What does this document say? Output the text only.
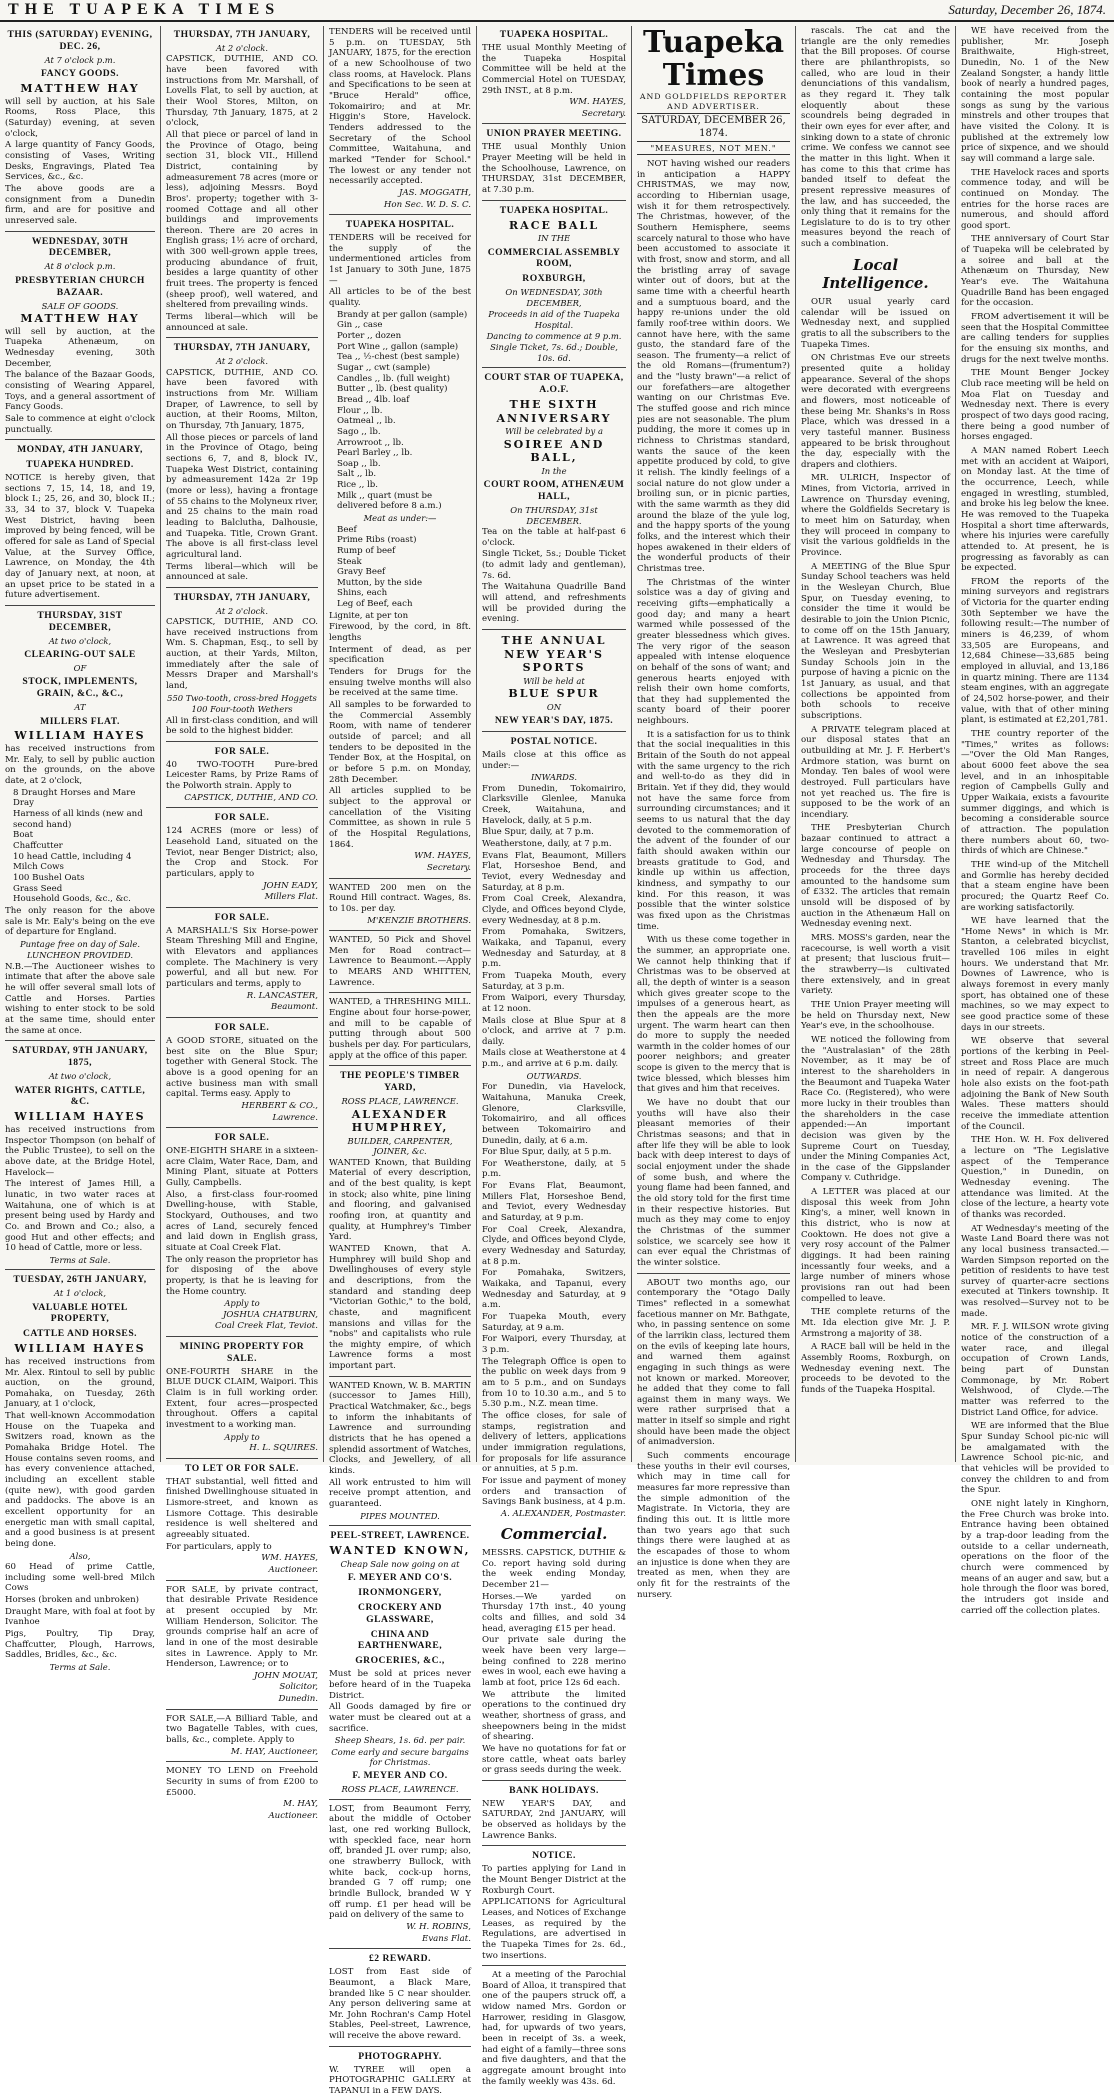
THE TUAPEKA TIMES	Saturday, December 26, 1874.
THIS (SATURDAY) EVENING, DEC. 26,
At 7 o'clock p.m.
FANCY GOODS.
MATTHEW HAY

will sell by auction, at his Sale Rooms, Ross Place, this (Saturday) evening, at seven o'clock,

A large quantity of Fancy Goods, consisting of Vases, Writing Desks, Engravings, Plated Tea Services, &c., &c.

The above goods are a consignment from a Dunedin firm, and are for positive and unreserved sale.

WEDNESDAY, 30TH DECEMBER,
At 8 o'clock p.m.
PRESBYTERIAN CHURCH BAZAAR.
SALE OF GOODS.
MATTHEW HAY

will sell by auction, at the Tuapeka Athenæum, on Wednesday evening, 30th December,

The balance of the Bazaar Goods, consisting of Wearing Apparel, Toys, and a general assortment of Fancy Goods.

Sale to commence at eight o'clock punctually.

MONDAY, 4TH JANUARY,
TUAPEKA HUNDRED.

NOTICE is hereby given, that sections 7, 15, 14, 18, and 19, block I.; 25, 26, and 30, block II.; 33, 34 to 37, block V. Tuapeka West District, having been improved by being fenced, will be offered for sale as Land of Special Value, at the Survey Office, Lawrence, on Monday, the 4th day of January next, at noon, at an upset price to be stated in a future advertisement.

THURSDAY, 31ST DECEMBER,
At two o'clock,
CLEARING-OUT SALE
OF
STOCK, IMPLEMENTS, GRAIN, &C., &C.,
AT
MILLERS FLAT.
WILLIAM HAYES

has received instructions from Mr. Ealy, to sell by public auction on the grounds, on the above date, at 2 o'clock,

8 Draught Horses and Mare
Dray
Harness of all kinds (new and second hand)
Boat
Chaffcutter
10 head Cattle, including 4 Milch Cows
100 Bushel Oats
Grass Seed
Household Goods, &c., &c.

The only reason for the above sale is Mr. Ealy's being on the eve of departure for England.

Puntage free on day of Sale.
LUNCHEON PROVIDED.

N.B.—The Auctioneer wishes to intimate that after the above sale he will offer several small lots of Cattle and Horses. Parties wishing to enter stock to be sold at the same time, should enter the same at once.

SATURDAY, 9TH JANUARY, 1875,
At two o'clock,
WATER RIGHTS, CATTLE, &C.
WILLIAM HAYES

has received instructions from Inspector Thompson (on behalf of the Public Trustee), to sell on the above date, at the Bridge Hotel, Havelock—

The interest of James Hill, a lunatic, in two water races at Waitahuna, one of which is at present being used by Hardy and Co. and Brown and Co.; also, a good Hut and other effects; and 10 head of Cattle, more or less.

Terms at Sale.
TUESDAY, 26TH JANUARY,
At 1 o'clock,
VALUABLE HOTEL PROPERTY,
CATTLE AND HORSES.
WILLIAM HAYES

has received instructions from Mr. Alex. Rintoul to sell by public auction, on the ground, Pomahaka, on Tuesday, 26th January, at 1 o'clock,

That well-known Accommodation House on the Tuapeka and Switzers road, known as the Pomahaka Bridge Hotel. The House contains seven rooms, and has every convenience attached, including an excellent stable (quite new), with good garden and paddocks. The above is an excellent opportunity for an energetic man with small capital, and a good business is at present being done.

Also,

60 Head of prime Cattle, including some well-bred Milch Cows

Horses (broken and unbroken)

Draught Mare, with foal at foot by Ivanhoe

Pigs, Poultry, Tip Dray, Chaffcutter, Plough, Harrows, Saddles, Bridles, &c., &c.

Terms at Sale.
THURSDAY, 7TH JANUARY,
At 2 o'clock.

CAPSTICK, DUTHIE, AND CO. have been favored with instructions from Mr. Marshall, of Lovells Flat, to sell by auction, at their Wool Stores, Milton, on Thursday, 7th January, 1875, at 2 o'clock,

All that piece or parcel of land in the Province of Otago, being section 31, block VII., Hillend District, containing by admeasurement 78 acres (more or less), adjoining Messrs. Boyd Bros'. property; together with 3-roomed Cottage and all other buildings and improvements thereon. There are 20 acres in English grass; 1½ acre of orchard, with 300 well-grown apple trees, producing abundance of fruit, besides a large quantity of other fruit trees. The property is fenced (sheep proof), well watered, and sheltered from prevailing winds.

Terms liberal—which will be announced at sale.

THURSDAY, 7TH JANUARY,
At 2 o'clock.

CAPSTICK, DUTHIE, AND CO. have been favored with instructions from Mr. William Draper, of Lawrence, to sell by auction, at their Rooms, Milton, on Thursday, 7th January, 1875,

All those pieces or parcels of land in the Province of Otago, being sections 6, 7, and 8, block IV., Tuapeka West District, containing by admeasurement 142a 2r 19p (more or less), having a frontage of 55 chains to the Molyneux river, and 25 chains to the main road leading to Balclutha, Dalhousie, and Tuapeka. Title, Crown Grant. The above is all first-class level agricultural land.

Terms liberal—which will be announced at sale.

THURSDAY, 7TH JANUARY,
At 2 o'clock.

CAPSTICK, DUTHIE, AND CO. have received instructions from Wm. S. Chapman, Esq., to sell by auction, at their Yards, Milton, immediately after the sale of Messrs Draper and Marshall's land,

550 Two-tooth, cross-bred Hoggets
100 Four-tooth Wethers

All in first-class condition, and will be sold to the highest bidder.

FOR SALE.

40 TWO-TOOTH Pure-bred Leicester Rams, by Prize Rams of the Polworth strain. Apply to

CAPSTICK, DUTHIE, AND CO.
FOR SALE.

124 ACRES (more or less) of Leasehold Land, situated on the Teviot, near Benger District; also, the Crop and Stock. For particulars, apply to

JOHN EADY,
Millers Flat.
FOR SALE.

A MARSHALL'S Six Horse-power Steam Threshing Mill and Engine, with Elevators and appliances complete. The Machinery is very powerful, and all but new. For particulars and terms, apply to

R. LANCASTER,
Beaumont.
FOR SALE.

A GOOD STORE, situated on the best site on the Blue Spur; together with General Stock. The above is a good opening for an active business man with small capital. Terms easy. Apply to

HERBERT & CO.,
Lawrence.
FOR SALE.

ONE-EIGHTH SHARE in a sixteen-acre Claim, Water Race, Dam, and Mining Plant, situate at Potters Gully, Campbells.

Also, a first-class four-roomed Dwelling-house, with Stable, Stockyard, Outhouses, and two acres of Land, securely fenced and laid down in English grass, situate at Coal Creek Flat.

The only reason the proprietor has for disposing of the above property, is that he is leaving for the Home country.

Apply to
JOSHUA CHATBURN,
Coal Creek Flat, Teviot.
MINING PROPERTY FOR SALE.

ONE-FOURTH SHARE in the BLUE DUCK CLAIM, Waipori. This Claim is in full working order. Extent, four acres—prospected throughout. Offers a capital investment to a working man.

Apply to
H. L. SQUIRES.
TO LET OR FOR SALE.

THAT substantial, well fitted and finished Dwellinghouse situated in Lismore-street, and known as Lismore Cottage. This desirable residence is well sheltered and agreeably situated.

For particulars, apply to

WM. HAYES,
Auctioneer.

FOR SALE, by private contract, that desirable Private Residence at present occupied by Mr. William Henderson, Solicitor. The grounds comprise half an acre of land in one of the most desirable sites in Lawrence. Apply to Mr. Henderson, Lawrence; or to

JOHN MOUAT,
Solicitor,
Dunedin.

FOR SALE,—A Billiard Table, and two Bagatelle Tables, with cues, balls, &c., complete. Apply to

M. HAY, Auctioneer,

MONEY TO LEND on Freehold Security in sums of from £200 to £5000.

M. HAY,
Auctioneer.

TENDERS will be received until 5 p.m. on TUESDAY, 5th JANUARY, 1875, for the erection of a new Schoolhouse of two class rooms, at Havelock. Plans and Specifications to be seen at "Bruce Herald" office, Tokomairiro; and at Mr. Higgin's Store, Havelock. Tenders addressed to the Secretary of the School Committee, Waitahuna, and marked "Tender for School." The lowest or any tender not necessarily accepted.

JAS. MOGGATH,
Hon Sec. W. D. S. C.
TUAPEKA HOSPITAL.

TENDERS will be received for the supply of the undermentioned articles from 1st January to 30th June, 1875—

All articles to be of the best quality.

Brandy at per gallon (sample)
Gin ,, case
Porter ,, dozen
Port Wine ,, gallon (sample)
Tea ,, ½-chest (best sample)
Sugar ,, cwt (sample)
Candles ,, lb. (full weight)
Butter ,, lb. (best quality)
Bread ,, 4lb. loaf
Flour ,, lb.
Oatmeal ,, lb.
Sago ,, lb.
Arrowroot ,, lb.
Pearl Barley ,, lb.
Soap ,, lb.
Salt ,, lb.
Rice ,, lb.
Milk ,, quart (must be delivered before 8 a.m.)
Meat as under:—
Beef
Prime Ribs (roast)
Rump of beef
Steak
Gravy Beef
Mutton, by the side
Shins, each
Leg of Beef, each

Lignite, at per ton

Firewood, by the cord, in 8ft. lengths

Interment of dead, as per specification

Tenders for Drugs for the ensuing twelve months will also be received at the same time.

All samples to be forwarded to the Commercial Assembly Room, with name of tenderer outside of parcel; and all tenders to be deposited in the Tender Box, at the Hospital, on or before 5 p.m. on Monday, 28th December.

All articles supplied to be subject to the approval or cancellation of the Visiting Committee, as shown in rule 5 of the Hospital Regulations, 1864.

WM. HAYES,
Secretary.

WANTED 200 men on the Round Hill contract. Wages, 8s. to 10s. per day.

M'KENZIE BROTHERS.

WANTED, 50 Pick and Shovel Men for Road contract—Lawrence to Beaumont.—Apply to MEARS AND WHITTEN, Lawrence.

WANTED, a THRESHING MILL. Engine about four horse-power, and mill to be capable of putting through about 500 bushels per day. For particulars, apply at the office of this paper.

THE PEOPLE'S TIMBER YARD,
ROSS PLACE, LAWRENCE.
ALEXANDER HUMPHREY,
BUILDER, CARPENTER, JOINER, &c.

WANTED Known, that Building Material of every description, and of the best quality, is kept in stock; also white, pine lining and flooring, and galvanised roofing iron, at quantity and quality, at Humphrey's Timber Yard.

WANTED Known, that A. Humphrey will build Shop and Dwellinghouses of every style and descriptions, from the standard and standing deep "Victorian Gothic," to the bold, chaste, and magnificent mansions and villas for the "nobs" and capitalists who rule the mighty empire, of which Lawrence forms a most important part.

WANTED Known, W. B. MARTIN (successor to James Hill), Practical Watchmaker, &c., begs to inform the inhabitants of Lawrence and surrounding districts that he has opened a splendid assortment of Watches, Clocks, and Jewellery, of all kinds.

All work entrusted to him will receive prompt attention, and guaranteed.

PIPES MOUNTED.
PEEL-STREET, LAWRENCE.
WANTED KNOWN,
Cheap Sale now going on at
F. MEYER AND CO'S.
IRONMONGERY,
CROCKERY AND GLASSWARE,
CHINA AND EARTHENWARE,
GROCERIES, &C.,

Must be sold at prices never before heard of in the Tuapeka District.

All Goods damaged by fire or water must be cleared out at a sacrifice.

Sheep Shears, 1s. 6d. per pair.
Come early and secure bargains for Christmas.
F. MEYER AND CO.
ROSS PLACE, LAWRENCE.

LOST, from Beaumont Ferry, about the middle of October last, one red working Bullock, with speckled face, near horn off, branded JL over rump; also, one strawberry Bullock, with white back, cock-up horns, branded G 7 off rump; one brindle Bullock, branded W Y off rump. £1 per head will be paid on delivery of the same to

W. H. ROBINS,
Evans Flat.
£2 REWARD.

LOST from East side of Beaumont, a Black Mare, branded like 5 C near shoulder. Any person delivering same at Mr. John Rochran's Camp Hotel Stables, Peel-street, Lawrence, will receive the above reward.

PHOTOGRAPHY.

W. TYREE will open a PHOTOGRAPHIC GALLERY at TAPANUI in a FEW DAYS.

TUAPEKA HOSPITAL.

THE usual Monthly Meeting of the Tuapeka Hospital Committee will be held at the Commercial Hotel on TUESDAY, 29th INST., at 8 p.m.

WM. HAYES,
Secretary.
UNION PRAYER MEETING.

THE usual Monthly Union Prayer Meeting will be held in the Schoolhouse, Lawrence, on THURSDAY, 31st DECEMBER, at 7.30 p.m.

TUAPEKA HOSPITAL.
RACE BALL
IN THE
COMMERCIAL ASSEMBLY ROOM,
ROXBURGH,
On WEDNESDAY, 30th DECEMBER,
Proceeds in aid of the Tuapeka Hospital.
Dancing to commence at 9 p.m.
Single Ticket, 7s. 6d.; Double, 10s. 6d.
COURT STAR OF TUAPEKA, A.O.F.
THE SIXTH ANNIVERSARY
Will be celebrated by a
SOIREE AND BALL,
In the
COURT ROOM, ATHENÆUM HALL,
On THURSDAY, 31st DECEMBER.

Tea on the table at half-past 6 o'clock.

Single Ticket, 5s.; Double Ticket (to admit lady and gentleman), 7s. 6d.

The Waitahuna Quadrille Band will attend, and refreshments will be provided during the evening.

THE ANNUAL NEW YEAR'S
SPORTS
Will be held at
BLUE SPUR
ON
NEW YEAR'S DAY, 1875.
POSTAL NOTICE.

Mails close at this office as under:—

INWARDS.

From Dunedin, Tokomairiro, Clarksville Glenlee, Manuka Creek, Waitahuna, and Havelock, daily, at 5 p.m.

Blue Spur, daily, at 7 p.m.

Weatherstone, daily, at 7 p.m.

Evans Flat, Beaumont, Millers Flat, Horseshoe Bend, and Teviot, every Wednesday and Saturday, at 8 p.m.

From Coal Creek, Alexandra, Clyde, and Offices beyond Clyde, every Wednesday, at 8 p.m.

From Pomahaka, Switzers, Waikaka, and Tapanui, every Wednesday and Saturday, at 8 p.m.

From Tuapeka Mouth, every Saturday, at 3 p.m.

From Waipori, every Thursday, at 12 noon.

Mails close at Blue Spur at 8 o'clock, and arrive at 7 p.m. daily.

Mails close at Weatherstone at 4 p.m., and arrive at 6 p.m. daily.

OUTWARDS.

For Dunedin, via Havelock, Waitahuna, Manuka Creek, Glenore, Clarksville, Tokomairiro, and all offices between Tokomairiro and Dunedin, daily, at 6 a.m.

For Blue Spur, daily, at 5 p.m.

For Weatherstone, daily, at 5 p.m.

For Evans Flat, Beaumont, Millers Flat, Horseshoe Bend, and Teviot, every Wednesday and Saturday, at 9 p.m.

For Coal Creek, Alexandra, Clyde, and Offices beyond Clyde, every Wednesday and Saturday, at 8 p.m.

For Pomahaka, Switzers, Waikaka, and Tapanui, every Wednesday and Saturday, at 9 a.m.

For Tuapeka Mouth, every Saturday, at 9 a.m.

For Waipori, every Thursday, at 3 p.m.

The Telegraph Office is open to the public on week days from 9 am to 5 p.m., and on Sundays from 10 to 10.30 a.m., and 5 to 5.30 p.m., N.Z. mean time.

The office closes, for sale of stamps, registration and delivery of letters, applications under immigration regulations, for proposals for life assurance or annuities, at 5 p.m.

For issue and payment of money orders and transaction of Savings Bank business, at 4 p.m.

A. ALEXANDER, Postmaster.
Commercial.

MESSRS. CAPSTICK, DUTHIE & Co. report having sold during the week ending Monday, December 21—

Horses.—We yarded on Thursday 17th inst., 40 young colts and fillies, and sold 34 head, averaging £15 per head.

Our private sale during the week have been very large—being confined to 228 merino ewes in wool, each ewe having a lamb at foot, price 12s 6d each.

We attribute the limited operations to the continued dry weather, shortness of grass, and sheepowners being in the midst of shearing.

We have no quotations for fat or store cattle, wheat oats barley or grass seeds during the week.

BANK HOLIDAYS.

NEW YEAR'S DAY, and SATURDAY, 2nd JANUARY, will be observed as holidays by the Lawrence Banks.

NOTICE.

To parties applying for Land in the Mount Benger District at the Roxburgh Court.

APPLICATIONS for Agricultural Leases, and Notices of Exchange Leases, as required by the Regulations, are advertised in the Tuapeka Times for 2s. 6d., two insertions.

At a meeting of the Parochial Board of Alloa, it transpired that one of the paupers struck off, a widow named Mrs. Gordon or Harrower, residing in Glasgow, had, for upwards of two years, been in receipt of 3s. a week, had eight of a family—three sons and five daughters, and that the aggregate amount brought into the family weekly was 43s. 6d.

Tuapeka Times
AND GOLDFIELDS REPORTER AND ADVERTISER.
SATURDAY, DECEMBER 26, 1874.
"MEASURES, NOT MEN."

NOT having wished our readers in anticipation a HAPPY CHRISTMAS, we may now, according to Hibernian usage, wish it for them retrospectively. The Christmas, however, of the Southern Hemisphere, seems scarcely natural to those who have been accustomed to associate it with frost, snow and storm, and all the bristling array of savage winter out of doors, but at the same time with a cheerful hearth and a sumptuous board, and the happy re-unions under the old family roof-tree within doors. We cannot have here, with the same gusto, the standard fare of the season. The frumenty—a relict of the old Romans—(frumentum?) and the "lusty brawn"—a relict of our forefathers—are altogether wanting on our Christmas Eve. The stuffed goose and rich mince pies are not seasonable. The plum pudding, the more it comes up in richness to Christmas standard, wants the sauce of the keen appetite produced by cold, to give it relish. The kindly feelings of a social nature do not glow under a broiling sun, or in picnic parties, with the same warmth as they did around the blaze of the yule log, and the happy sports of the young folks, and the interest which their hopes awakened in their elders of the wonderful products of their Christmas tree.

The Christmas of the winter solstice was a day of giving and receiving gifts—emphatically a good day; and many a heart warmed while possessed of the greater blessedness which gives. The very rigor of the season appealed with intense eloquence on behalf of the sons of want; and generous hearts enjoyed with relish their own home comforts, that they had supplemented the scanty board of their poorer neighbours.

It is a satisfaction for us to think that the social inequalities in this Britain of the South do not appeal with the same urgency to the rich and well-to-do as they did in Britain. Yet if they did, they would not have the same force from surrounding circumstances; and it seems to us natural that the day devoted to the commemoration of the advent of the founder of our faith should awaken within our breasts gratitude to God, and kindle up within us affection, kindness, and sympathy to our kind. For this reason, it was possible that the winter solstice was fixed upon as the Christmas time.

With us these come together in the summer, an appropriate one. We cannot help thinking that if Christmas was to be observed at all, the depth of winter is a season which gives greater scope to the impulses of a generous heart, as then the appeals are the more urgent. The warm heart can then do more to supply the needed warmth in the colder homes of our poorer neighbors; and greater scope is given to the mercy that is twice blessed, which blesses him that gives and him that receives.

We have no doubt that our youths will have also their pleasant memories of their Christmas seasons; and that in after life they will be able to look back with deep interest to days of social enjoyment under the shade of some bush, and where the young flame had been fanned, and the old story told for the first time in their respective histories. But much as they may come to enjoy the Christmas of the summer solstice, we scarcely see how it can ever equal the Christmas of the winter solstice.

ABOUT two months ago, our contemporary the "Otago Daily Times" reflected in a somewhat facetious manner on Mr. Bathgate, who, in passing sentence on some of the larrikin class, lectured them on the evils of keeping late hours, and warned them against engaging in such things as were not known or marked. Moreover, he added that they come to fall against them in many ways. We were rather surprised that a matter in itself so simple and right should have been made the object of animadversion.

Such comments encourage these youths in their evil courses, which may in time call for measures far more repressive than the simple admonition of the Magistrate. In Victoria, they are finding this out. It is little more than two years ago that such things there were laughed at as the escapades of those to whom an injustice is done when they are treated as men, when they are only fit for the restraints of the nursery.

rascals. The cat and the triangle are the only remedies that the Bill proposes. Of course there are philanthropists, so called, who are loud in their denunciations of this vandalism, as they regard it. They talk eloquently about these scoundrels being degraded in their own eyes for ever after, and sinking down to a state of chronic crime. We confess we cannot see the matter in this light. When it has come to this that crime has banded itself to defeat the present repressive measures of the law, and has succeeded, the only thing that it remains for the Legislature to do is to try other measures beyond the reach of such a combination.

Local Intelligence.

OUR usual yearly card calendar will be issued on Wednesday next, and supplied gratis to all the subscribers to the Tuapeka Times.

ON Christmas Eve our streets presented quite a holiday appearance. Several of the shops were decorated with evergreens and flowers, most noticeable of these being Mr. Shanks's in Ross Place, which was dressed in a very tasteful manner. Business appeared to be brisk throughout the day, especially with the drapers and clothiers.

MR. ULRICH, Inspector of Mines, from Victoria, arrived in Lawrence on Thursday evening, where the Goldfields Secretary is to meet him on Saturday, when they will proceed in company to visit the various goldfields in the Province.

A MEETING of the Blue Spur Sunday School teachers was held in the Wesleyan Church, Blue Spur, on Tuesday evening, to consider the time it would be desirable to join the Union Picnic, to come off on the 15th January, at Lawrence. It was agreed that the Wesleyan and Presbyterian Sunday Schools join in the purpose of having a picnic on the 1st January, as usual, and that collections be appointed from both schools to receive subscriptions.

A PRIVATE telegram placed at our disposal states that an outbuilding at Mr. J. F. Herbert's Ardmore station, was burnt on Monday. Ten bales of wool were destroyed. Full particulars have not yet reached us. The fire is supposed to be the work of an incendiary.

THE Presbyterian Church bazaar continued to attract a large concourse of people on Wednesday and Thursday. The proceeds for the three days amounted to the handsome sum of £332. The articles that remain unsold will be disposed of by auction in the Athenæum Hall on Wednesday evening next.

MRS. MOSS's garden, near the racecourse, is well worth a visit at present; that luscious fruit—the strawberry—is cultivated there extensively, and in great variety.

THE Union Prayer meeting will be held on Thursday next, New Year's eve, in the schoolhouse.

WE noticed the following from the "Australasian" of the 28th November, as it may be of interest to the shareholders in the Beaumont and Tuapeka Water Race Co. (Registered), who were more lucky in their troubles than the shareholders in the case appended:—An important decision was given by the Supreme Court on Tuesday, under the Mining Companies Act, in the case of the Gippslander Company v. Cuthridge.

A LETTER was placed at our disposal this week from John King's, a miner, well known in this district, who is now at Cooktown. He does not give a very rosy account of the Palmer diggings. It had been raining incessantly four weeks, and a large number of miners whose provisions ran out had been compelled to leave.

THE complete returns of the Mt. Ida election give Mr. J. P. Armstrong a majority of 38.

A RACE ball will be held in the Assembly Rooms, Roxburgh, on Wednesday evening next. The proceeds to be devoted to the funds of the Tuapeka Hospital.

WE have received from the publisher, Mr. Joseph Braithwaite, High-street, Dunedin, No. 1 of the New Zealand Songster, a handy little book of nearly a hundred pages, containing the most popular songs as sung by the various minstrels and other troupes that have visited the Colony. It is published at the extremely low price of sixpence, and we should say will command a large sale.

THE Havelock races and sports commence today, and will be continued on Monday. The entries for the horse races are numerous, and should afford good sport.

THE anniversary of Court Star of Tuapeka will be celebrated by a soiree and ball at the Athenæum on Thursday, New Year's eve. The Waitahuna Quadrille Band has been engaged for the occasion.

FROM advertisement it will be seen that the Hospital Committee are calling tenders for supplies for the ensuing six months, and drugs for the next twelve months.

THE Mount Benger Jockey Club race meeting will be held on Moa Flat on Tuesday and Wednesday next. There is every prospect of two days good racing, there being a good number of horses engaged.

A MAN named Robert Leech met with an accident at Waipori, on Monday last. At the time of the occurrence, Leech, while engaged in wrestling, stumbled, and broke his leg below the knee. He was removed to the Tuapeka Hospital a short time afterwards, where his injuries were carefully attended to. At present, he is progressing as favorably as can be expected.

FROM the reports of the mining surveyors and registrars of Victoria for the quarter ending 30th September we have the following result:—The number of miners is 46,239, of whom 33,505 are Europeans, and 12,684 Chinese—33,685 being employed in alluvial, and 13,186 in quartz mining. There are 1134 steam engines, with an aggregate of 24,502 horse-power, and their value, with that of other mining plant, is estimated at £2,201,781.

THE country reporter of the "Times," writes as follows:—"Over the Old Man Ranges, about 6000 feet above the sea level, and in an inhospitable region of Campbells Gully and Upper Waikaia, exists a favourite summer diggings, and which is becoming a considerable source of attraction. The population there numbers about 60, two-thirds of which are Chinese."

THE wind-up of the Mitchell and Gormlie has hereby decided that a steam engine have been procured; the Quartz Reef Co. are working satisfactorily.

WE have learned that the "Home News" in which is Mr. Stanton, a celebrated bicyclist, travelled 106 miles in eight hours. We understand that Mr. Downes of Lawrence, who is always foremost in every manly sport, has obtained one of these machines, so we may expect to see good practice some of these days in our streets.

WE observe that several portions of the kerbing in Peel-street and Ross Place are much in need of repair. A dangerous hole also exists on the foot-path adjoining the Bank of New South Wales. These matters should receive the immediate attention of the Council.

THE Hon. W. H. Fox delivered a lecture on "The Legislative aspect of the Temperance Question," in Dunedin, on Wednesday evening. The attendance was limited. At the close of the lecture, a hearty vote of thanks was recorded.

AT Wednesday's meeting of the Waste Land Board there was not any local business transacted.—Warden Simpson reported on the petition of residents to have test survey of quarter-acre sections executed at Tinkers township. It was resolved—Survey not to be made.

MR. F. J. WILSON wrote giving notice of the construction of a water race, and illegal occupation of Crown Lands, being part of Dunstan Commonage, by Mr. Robert Welshwood, of Clyde.—The matter was referred to the District Land Office, for advice.

WE are informed that the Blue Spur Sunday School pic-nic will be amalgamated with the Lawrence School pic-nic, and that vehicles will be provided to convey the children to and from the Spur.

ONE night lately in Kinghorn, the Free Church was broke into. Entrance having been obtained by a trap-door leading from the outside to a cellar underneath, operations on the floor of the church were commenced by means of an auger and saw, but a hole through the floor was bored, the intruders got inside and carried off the collection plates.
